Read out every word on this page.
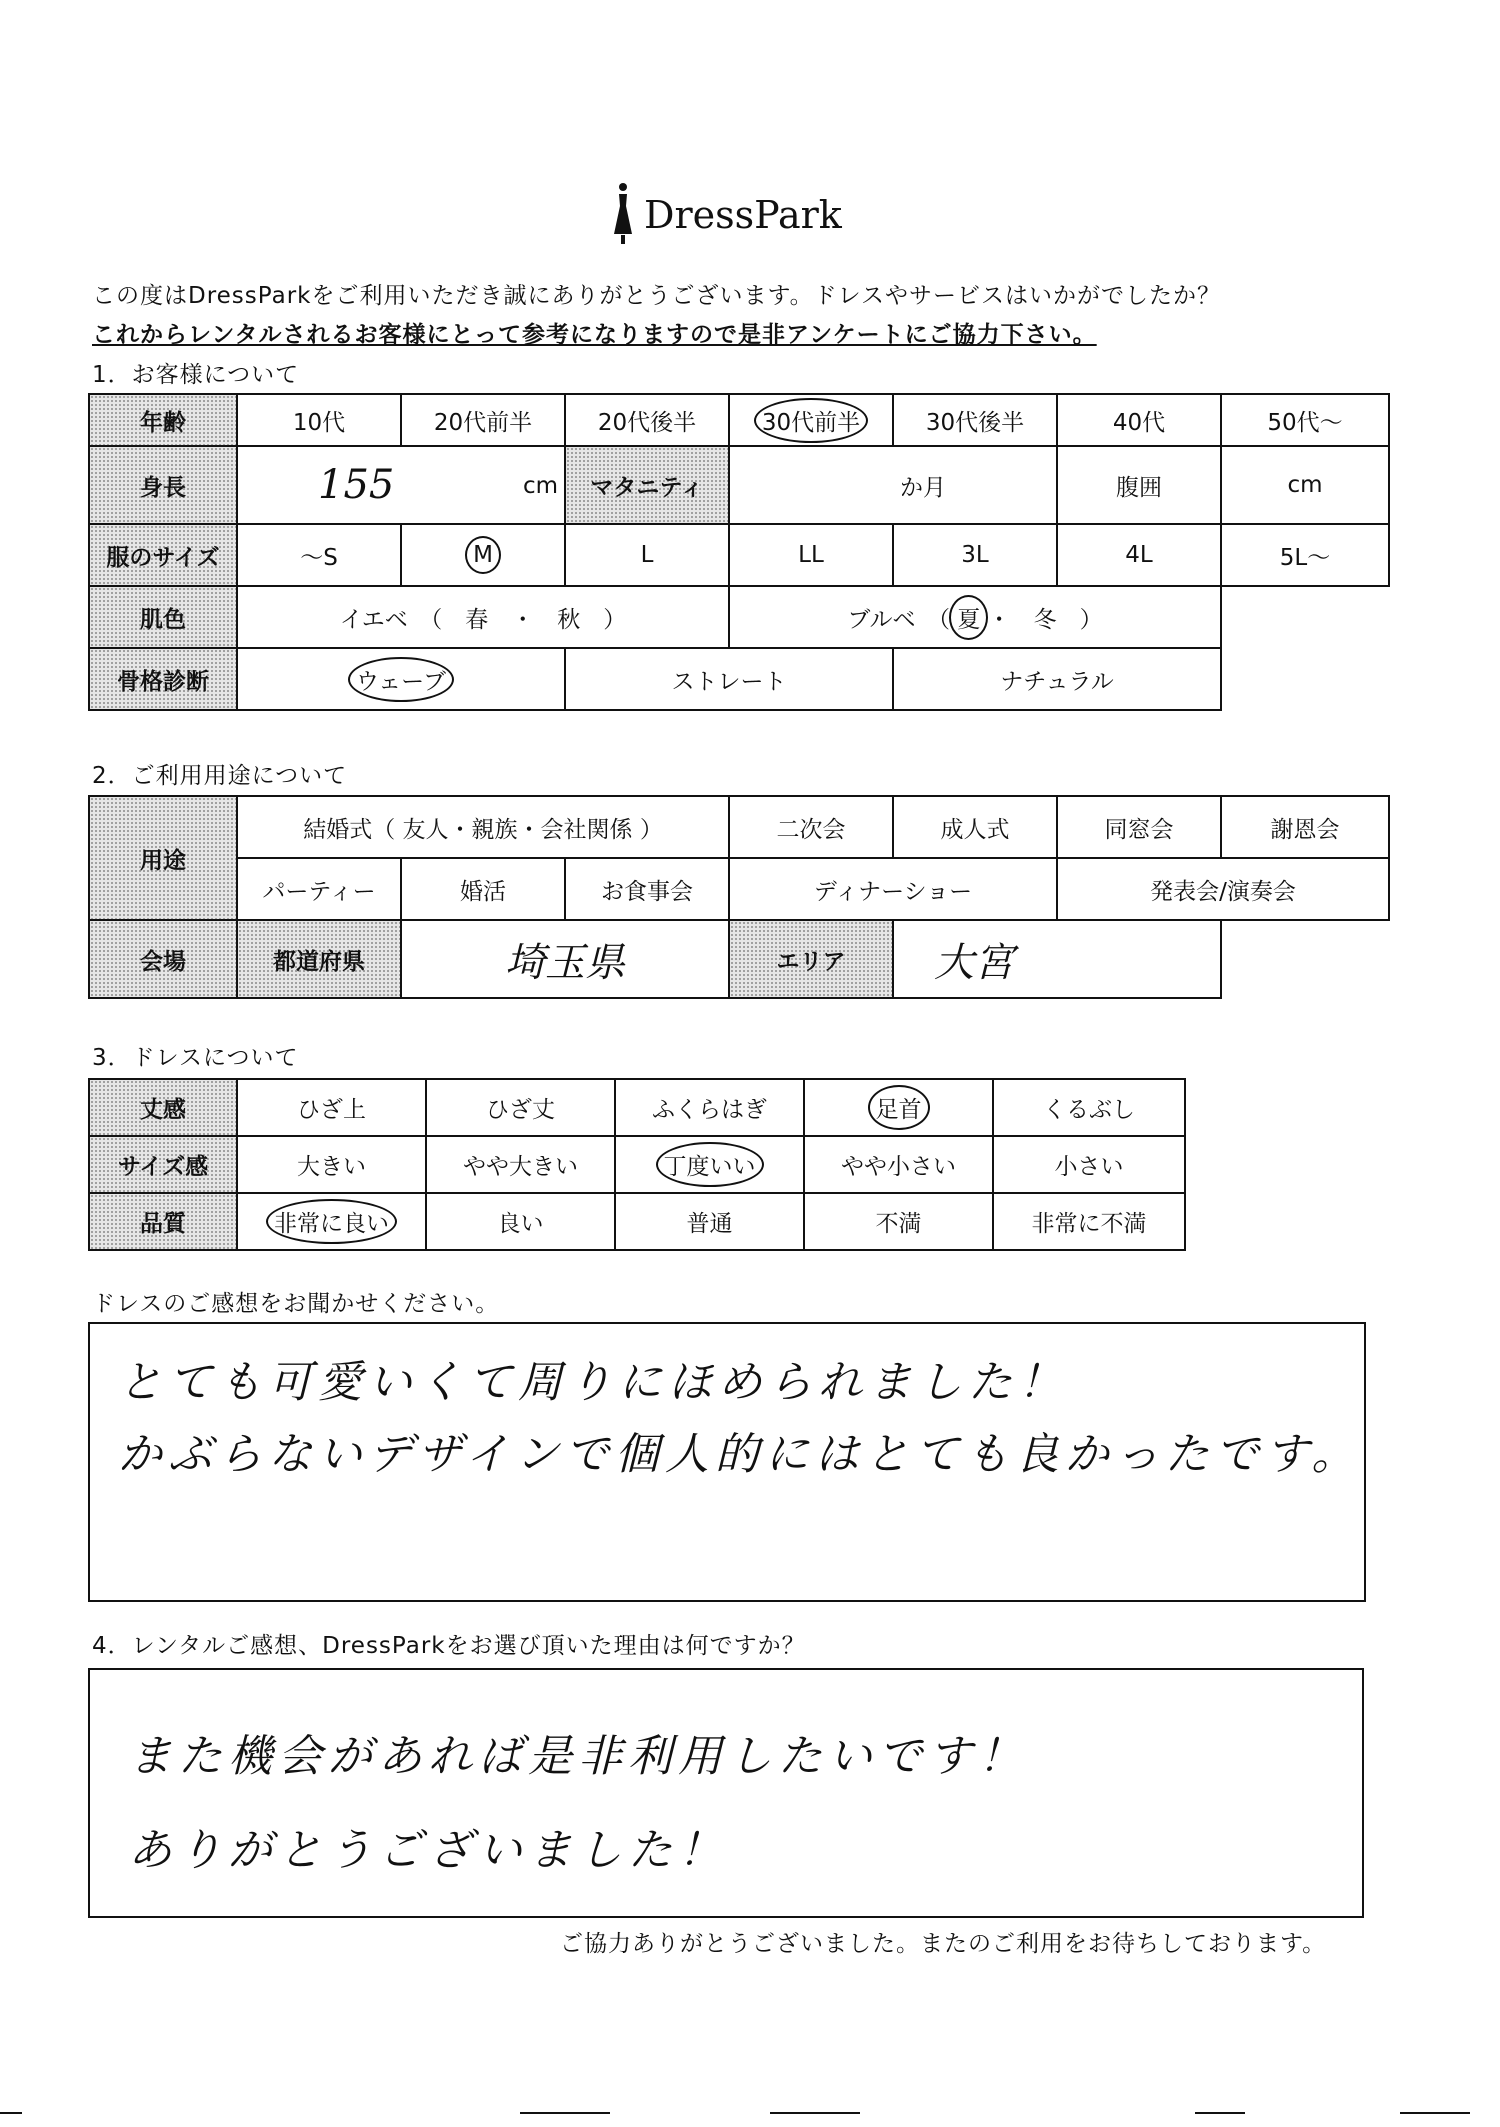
DressPark
この度はDressParkをご利用いただき誠にありがとうございます。ドレスやサービスはいかがでしたか？
これからレンタルされるお客様にとって参考になりますので是非アンケートにご協力下さい。
1．お客様について
年齢	10代	20代前半	20代後半	30代前半	30代後半	40代	50代～
身長	155 cm		マタニティ	か月		腹囲	cm
服のサイズ	～S	M	L	LL	3L	4L	5L～
肌色	イエベ　（　春　・　秋　）			ブルベ　（ 夏 ・　冬　）			
骨格診断	ウェーブ		ストレート		ナチュラル		
2．ご利用用途について
用途	結婚式（ 友人・親族・会社関係 ）			二次会	成人式	同窓会	謝恩会
	パーティー	婚活	お食事会	ディナーショー		発表会/演奏会	
会場	都道府県	埼玉県		エリア	大宮		
3．ドレスについて
丈感	ひざ上	ひざ丈	ふくらはぎ	足首	くるぶし
サイズ感	大きい	やや大きい	丁度いい	やや小さい	小さい
品質	非常に良い	良い	普通	不満	非常に不満
ドレスのご感想をお聞かせください。
とても可愛いくて周りにほめられました！
かぶらないデザインで個人的にはとても良かったです。
4．レンタルご感想、DressParkをお選び頂いた理由は何ですか？
また機会があれば是非利用したいです！
ありがとうございました！
ご協力ありがとうございました。またのご利用をお待ちしております。
